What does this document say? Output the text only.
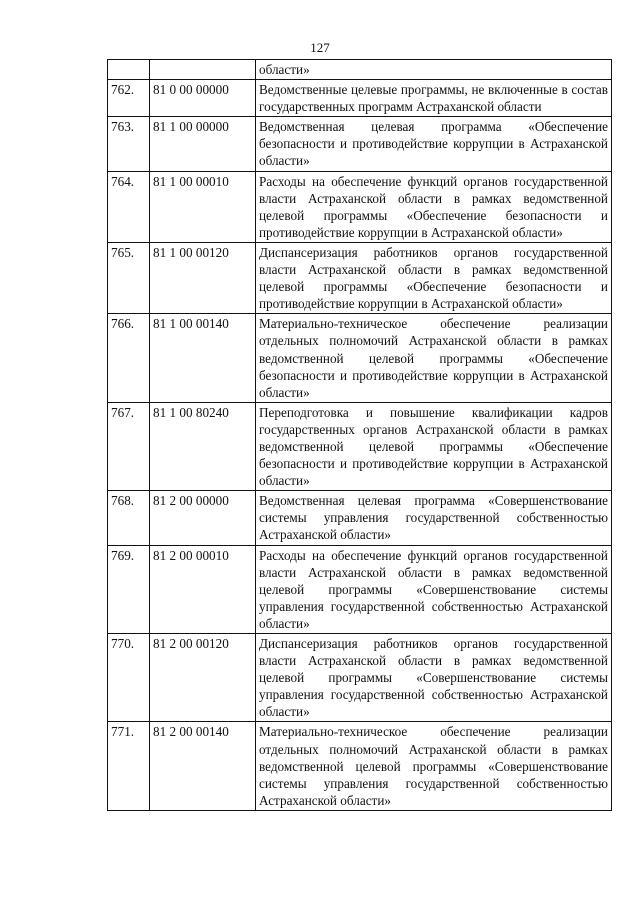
127
		области»
762.	81 0 00 00000	Ведомственные целевые программы, не включенные в состав государственных программ Астраханской области
763.	81 1 00 00000	Ведомственная целевая программа «Обеспечение безопасности и противодействие коррупции в Астраханской области»
764.	81 1 00 00010	Расходы на обеспечение функций органов государственной власти Астраханской области в рамках ведомственной целевой программы «Обеспечение безопасности и противодействие коррупции в Астраханской области»
765.	81 1 00 00120	Диспансеризация работников органов государственной власти Астраханской области в рамках ведомственной целевой программы «Обеспечение безопасности и противодействие коррупции в Астраханской области»
766.	81 1 00 00140	Материально-техническое обеспечение реализации отдельных полномочий Астраханской области в рамках ведомственной целевой программы «Обеспечение безопасности и противодействие коррупции в Астраханской области»
767.	81 1 00 80240	Переподготовка и повышение квалификации кадров государственных органов Астраханской области в рамках ведомственной целевой программы «Обеспечение безопасности и противодействие коррупции в Астраханской области»
768.	81 2 00 00000	Ведомственная целевая программа «Совершенствование системы управления государственной собственностью Астраханской области»
769.	81 2 00 00010	Расходы на обеспечение функций органов государственной власти Астраханской области в рамках ведомственной целевой программы «Совершенствование системы управления государственной собственностью Астраханской области»
770.	81 2 00 00120	Диспансеризация работников органов государственной власти Астраханской области в рамках ведомственной целевой программы «Совершенствование системы управления государственной собственностью Астраханской области»
771.	81 2 00 00140	Материально-техническое обеспечение реализации отдельных полномочий Астраханской области в рамках ведомственной целевой программы «Совершенствование системы управления государственной собственностью Астраханской области»
